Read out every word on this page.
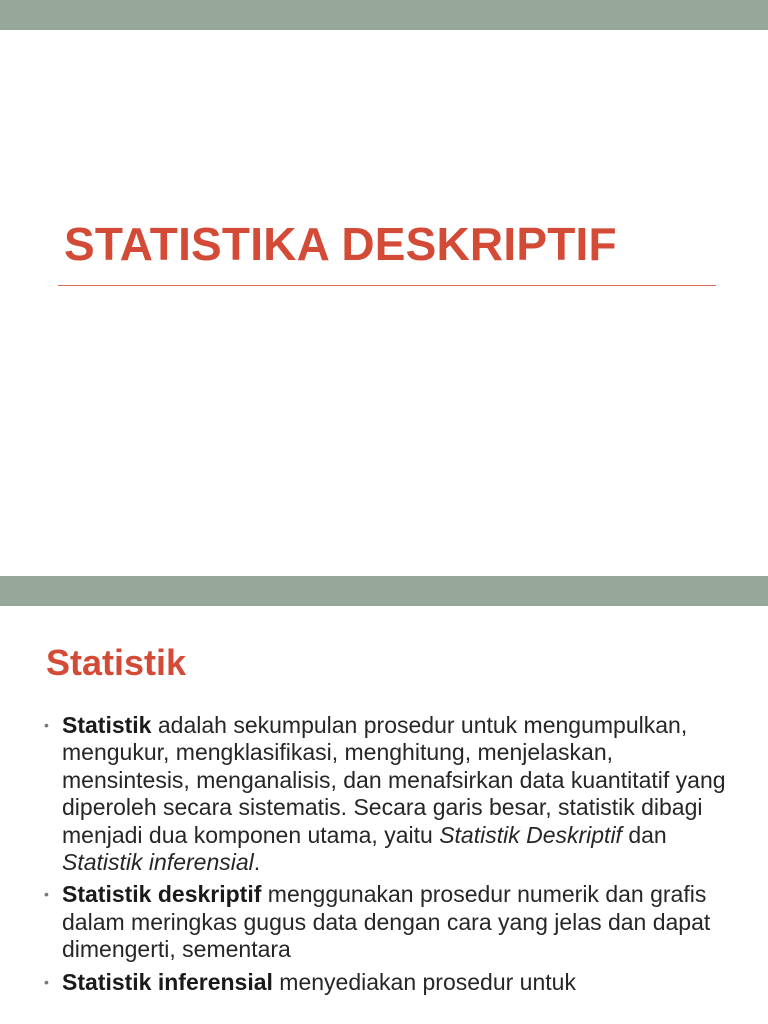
STATISTIKA DESKRIPTIF
Statistik
• Statistik adalah sekumpulan prosedur untuk mengumpulkan, mengukur, mengklasifikasi, menghitung, menjelaskan, mensintesis, menganalisis, dan menafsirkan data kuantitatif yang diperoleh secara sistematis. Secara garis besar, statistik dibagi menjadi dua komponen utama, yaitu Statistik Deskriptif dan Statistik inferensial.
• Statistik deskriptif menggunakan prosedur numerik dan grafis dalam meringkas gugus data dengan cara yang jelas dan dapat dimengerti, sementara
• Statistik inferensial menyediakan prosedur untuk
